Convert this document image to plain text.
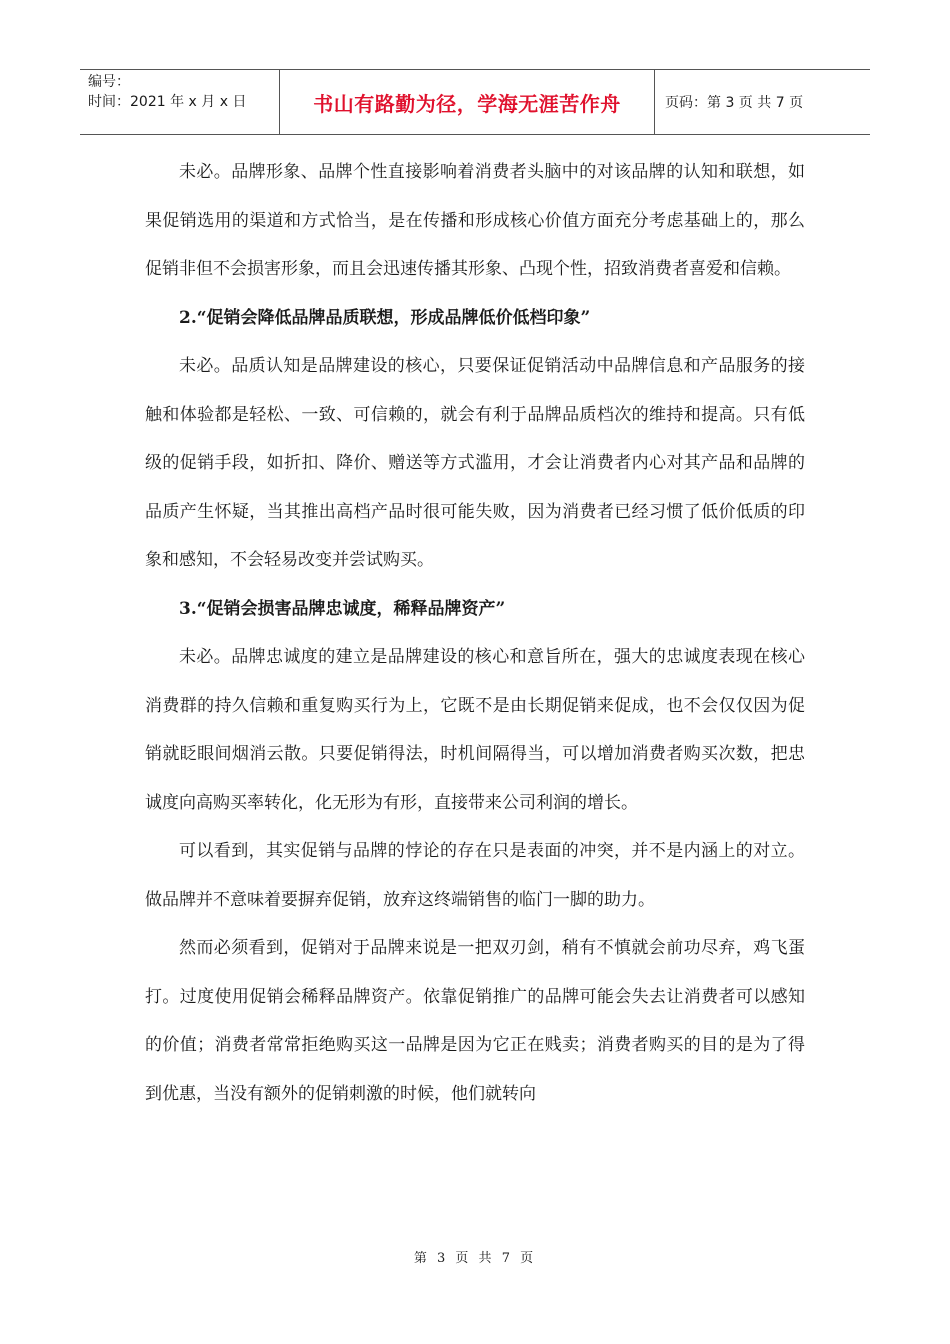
编号：
时间：2021 年 x 月 x 日	书山有路勤为径，学海无涯苦作舟	页码：第 3 页 共 7 页

未必。品牌形象、品牌个性直接影响着消费者头脑中的对该品牌的认知和联想，如果促销选用的渠道和方式恰当，是在传播和形成核心价值方面充分考虑基础上的，那么促销非但不会损害形象，而且会迅速传播其形象、凸现个性，招致消费者喜爱和信赖。

2.“促销会降低品牌品质联想，形成品牌低价低档印象”

未必。品质认知是品牌建设的核心，只要保证促销活动中品牌信息和产品服务的接触和体验都是轻松、一致、可信赖的，就会有利于品牌品质档次的维持和提高。只有低级的促销手段，如折扣、降价、赠送等方式滥用，才会让消费者内心对其产品和品牌的品质产生怀疑，当其推出高档产品时很可能失败，因为消费者已经习惯了低价低质的印象和感知，不会轻易改变并尝试购买。

3.“促销会损害品牌忠诚度，稀释品牌资产”

未必。品牌忠诚度的建立是品牌建设的核心和意旨所在，强大的忠诚度表现在核心消费群的持久信赖和重复购买行为上，它既不是由长期促销来促成，也不会仅仅因为促销就眨眼间烟消云散。只要促销得法，时机间隔得当，可以增加消费者购买次数，把忠诚度向高购买率转化，化无形为有形，直接带来公司利润的增长。

可以看到，其实促销与品牌的悖论的存在只是表面的冲突，并不是内涵上的对立。做品牌并不意味着要摒弃促销，放弃这终端销售的临门一脚的助力。

然而必须看到，促销对于品牌来说是一把双刃剑，稍有不慎就会前功尽弃，鸡飞蛋打。过度使用促销会稀释品牌资产。依靠促销推广的品牌可能会失去让消费者可以感知的价值；消费者常常拒绝购买这一品牌是因为它正在贱卖；消费者购买的目的是为了得到优惠，当没有额外的促销刺激的时候，他们就转向

第 3 页 共 7 页
